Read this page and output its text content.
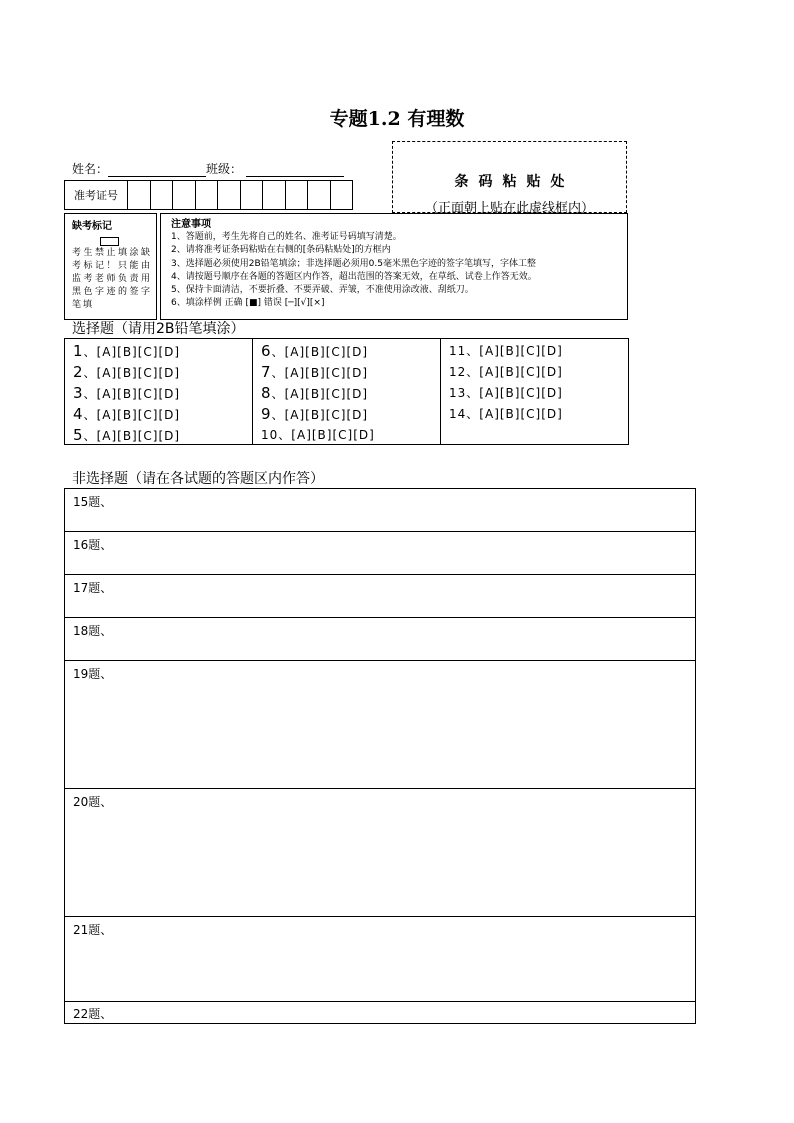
专题1.2 有理数
姓名：	班级：
准考证号
条码粘贴处
（正面朝上贴在此虚线框内）
缺考标记
考生禁止填涂缺考标记！只能由监考老师负责用黑色字迹的签字笔填
注意事项
1、答题前，考生先将自己的姓名、准考证号码填写清楚。
2、请将准考证条码粘贴在右侧的[条码粘贴处]的方框内
3、选择题必须使用2B铅笔填涂；非选择题必须用0.5毫米黑色字迹的签字笔填写，字体工整
4、请按题号顺序在各题的答题区内作答，超出范围的答案无效，在草纸、试卷上作答无效。
5、保持卡面清洁，不要折叠、不要弄破、弄皱，不准使用涂改液、刮纸刀。
6、填涂样例 正确 [■] 错误 [─][√][×]
选择题（请用2B铅笔填涂）
1、[A][B][C][D]
2、[A][B][C][D]
3、[A][B][C][D]
4、[A][B][C][D]
5、[A][B][C][D]
6、[A][B][C][D]
7、[A][B][C][D]
8、[A][B][C][D]
9、[A][B][C][D]
10、[A][B][C][D]
11、[A][B][C][D]
12、[A][B][C][D]
13、[A][B][C][D]
14、[A][B][C][D]
非选择题（请在各试题的答题区内作答）
15题、
16题、
17题、
18题、
19题、
20题、
21题、
22题、
